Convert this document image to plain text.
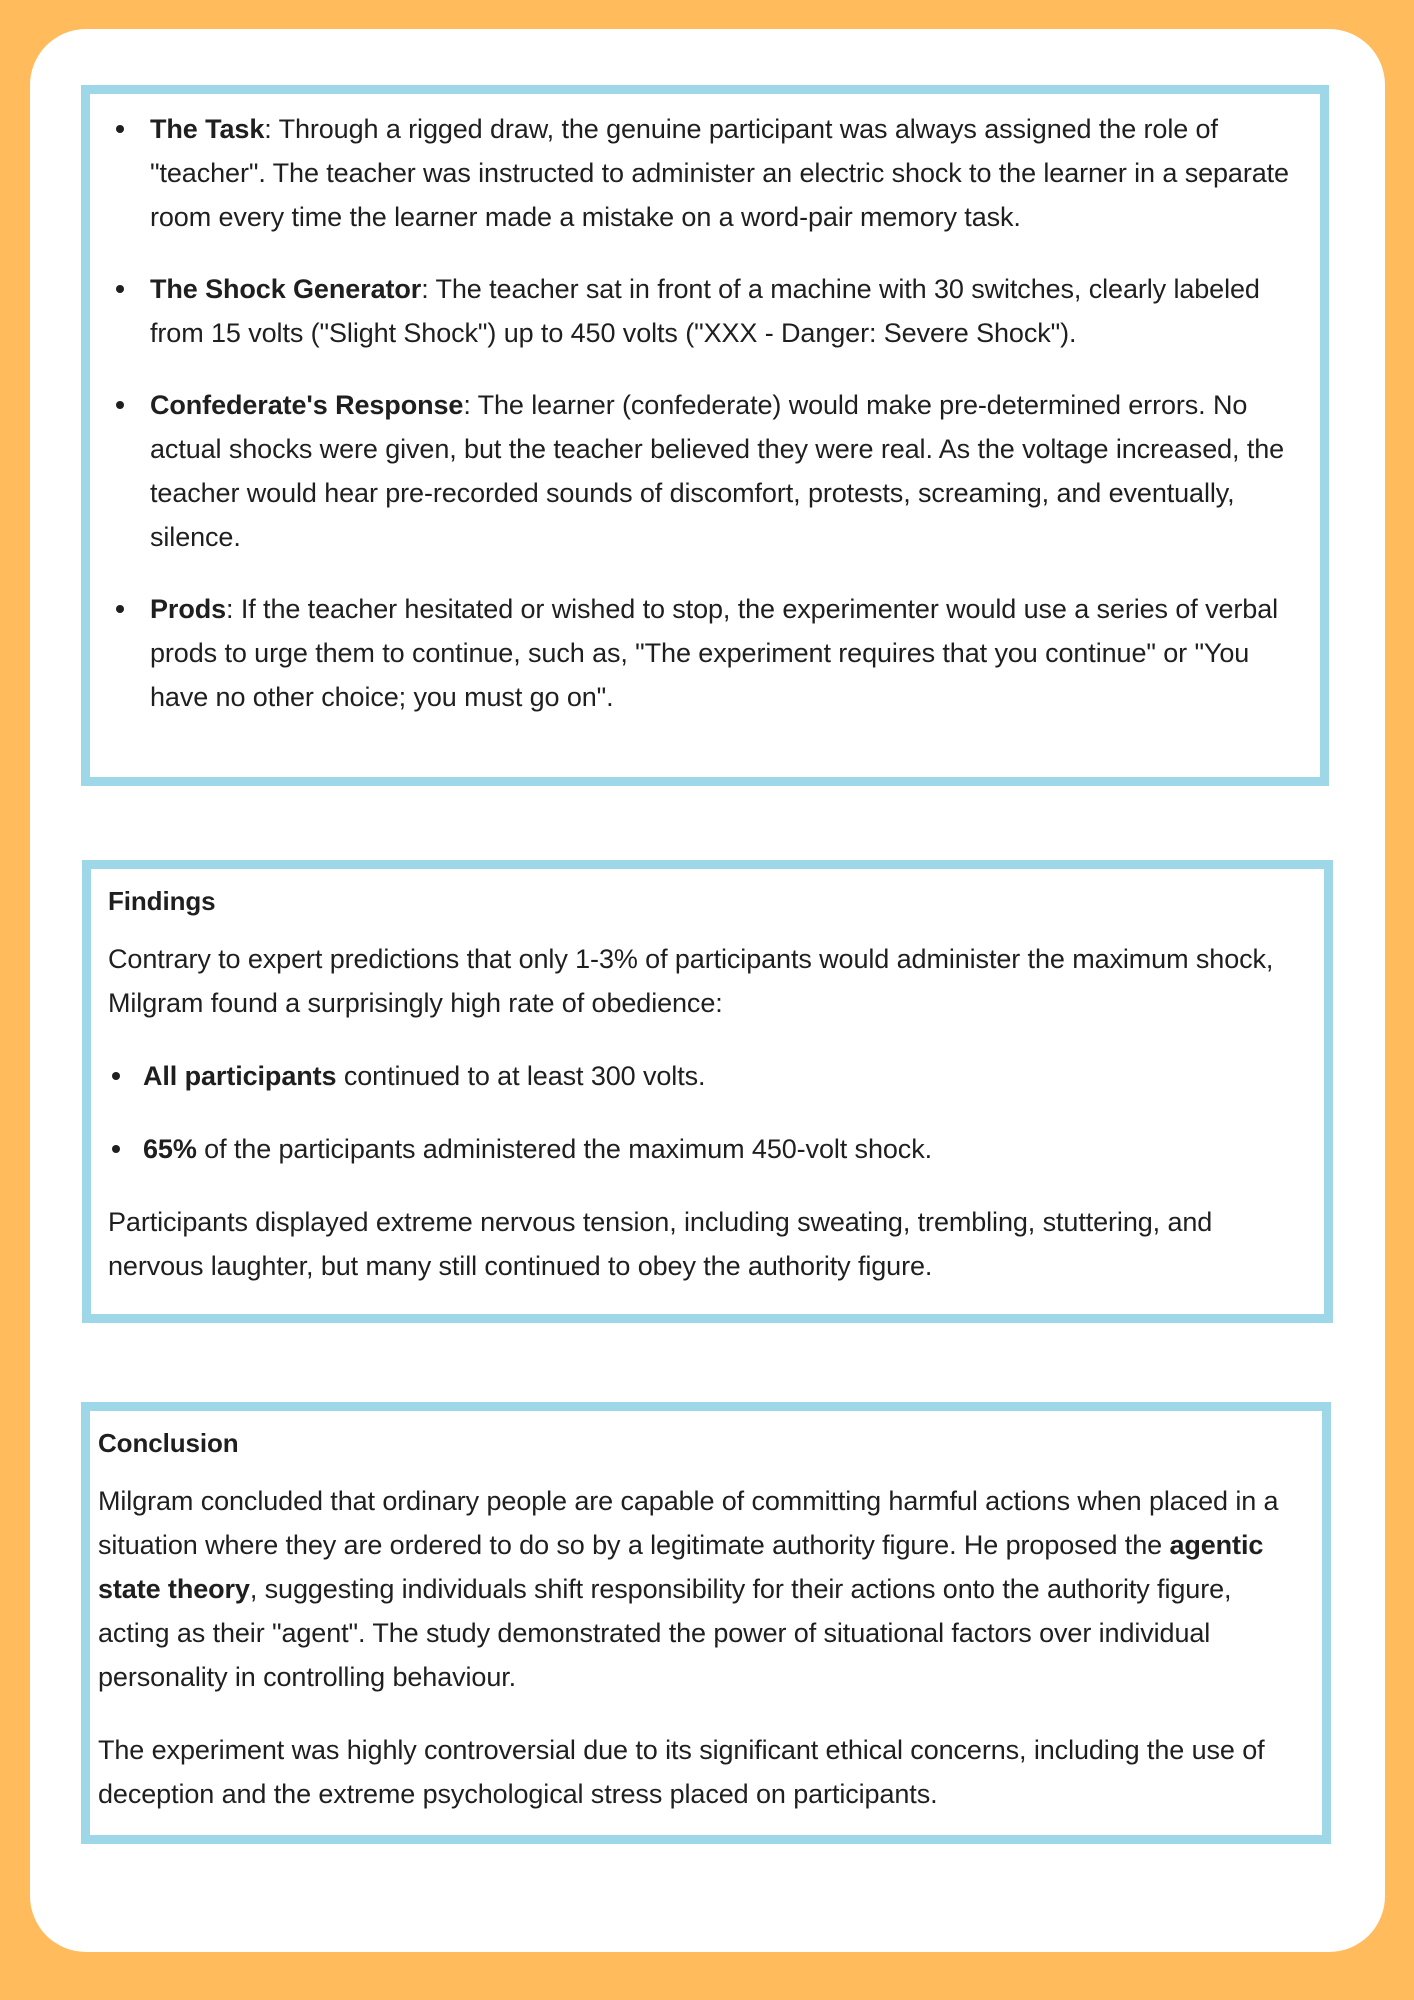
The Task: Through a rigged draw, the genuine participant was always assigned the role of "teacher". The teacher was instructed to administer an electric shock to the learner in a separate room every time the learner made a mistake on a word-pair memory task.
The Shock Generator: The teacher sat in front of a machine with 30 switches, clearly labeled from 15 volts ("Slight Shock") up to 450 volts ("XXX - Danger: Severe Shock").
Confederate's Response: The learner (confederate) would make pre-determined errors. No actual shocks were given, but the teacher believed they were real. As the voltage increased, the teacher would hear pre-recorded sounds of discomfort, protests, screaming, and eventually, silence.
Prods: If the teacher hesitated or wished to stop, the experimenter would use a series of verbal prods to urge them to continue, such as, "The experiment requires that you continue" or "You have no other choice; you must go on".
Findings

Contrary to expert predictions that only 1-3% of participants would administer the maximum shock, Milgram found a surprisingly high rate of obedience:

All participants continued to at least 300 volts.
65% of the participants administered the maximum 450-volt shock.

Participants displayed extreme nervous tension, including sweating, trembling, stuttering, and nervous laughter, but many still continued to obey the authority figure.

Conclusion

Milgram concluded that ordinary people are capable of committing harmful actions when placed in a situation where they are ordered to do so by a legitimate authority figure. He proposed the agentic state theory, suggesting individuals shift responsibility for their actions onto the authority figure, acting as their "agent". The study demonstrated the power of situational factors over individual personality in controlling behaviour.

The experiment was highly controversial due to its significant ethical concerns, including the use of deception and the extreme psychological stress placed on participants.
